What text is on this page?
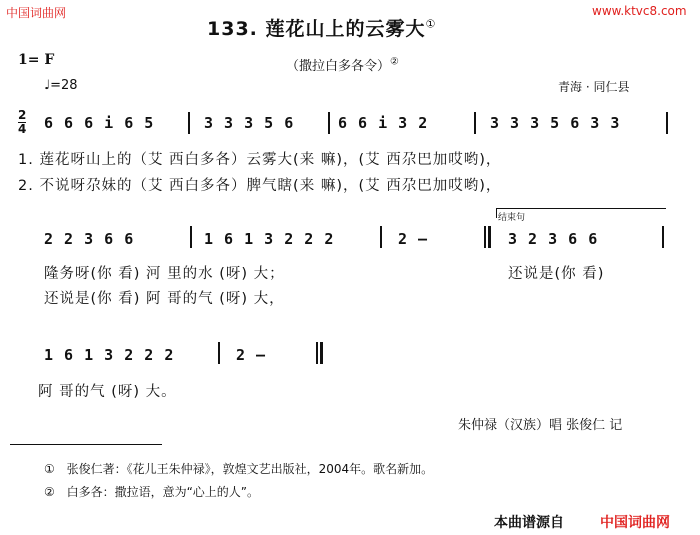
中国词曲网	www.ktvc8.com
133. 莲花山上的云雾大①
（撒拉白多各令）②
1= F
♩=28	青海 · 同仁县
2
4 6 6 6 i 6 5	3 3 3 5 6	6 6 i 3 2	3 3 3 5 6 3 3
1. 莲花呀山上的（艾 西白多各）云雾大(来 嘛)，(艾 西尕巴加哎哟)，
2. 不说呀尕妹的（艾 西白多各）脾气瞎(来 嘛)，(艾 西尕巴加哎哟)，
结束句
2 2 3 6 6	1 6 1 3 2 2 2	2 –	3 2 3 6 6
隆务呀(你 看) 河 里的水 (呀) 大；
还说是(你 看) 阿 哥的气 (呀) 大，
还说是(你 看)
1 6 1 3 2 2 2	2 –
阿 哥的气 (呀) 大。
朱仲禄（汉族）唱 张俊仁 记
① 张俊仁著：《花儿王朱仲禄》，敦煌文艺出版社，2004年。歌名新加。
② 白多各：撒拉语，意为“心上的人”。
本曲谱源自	中国词曲网
